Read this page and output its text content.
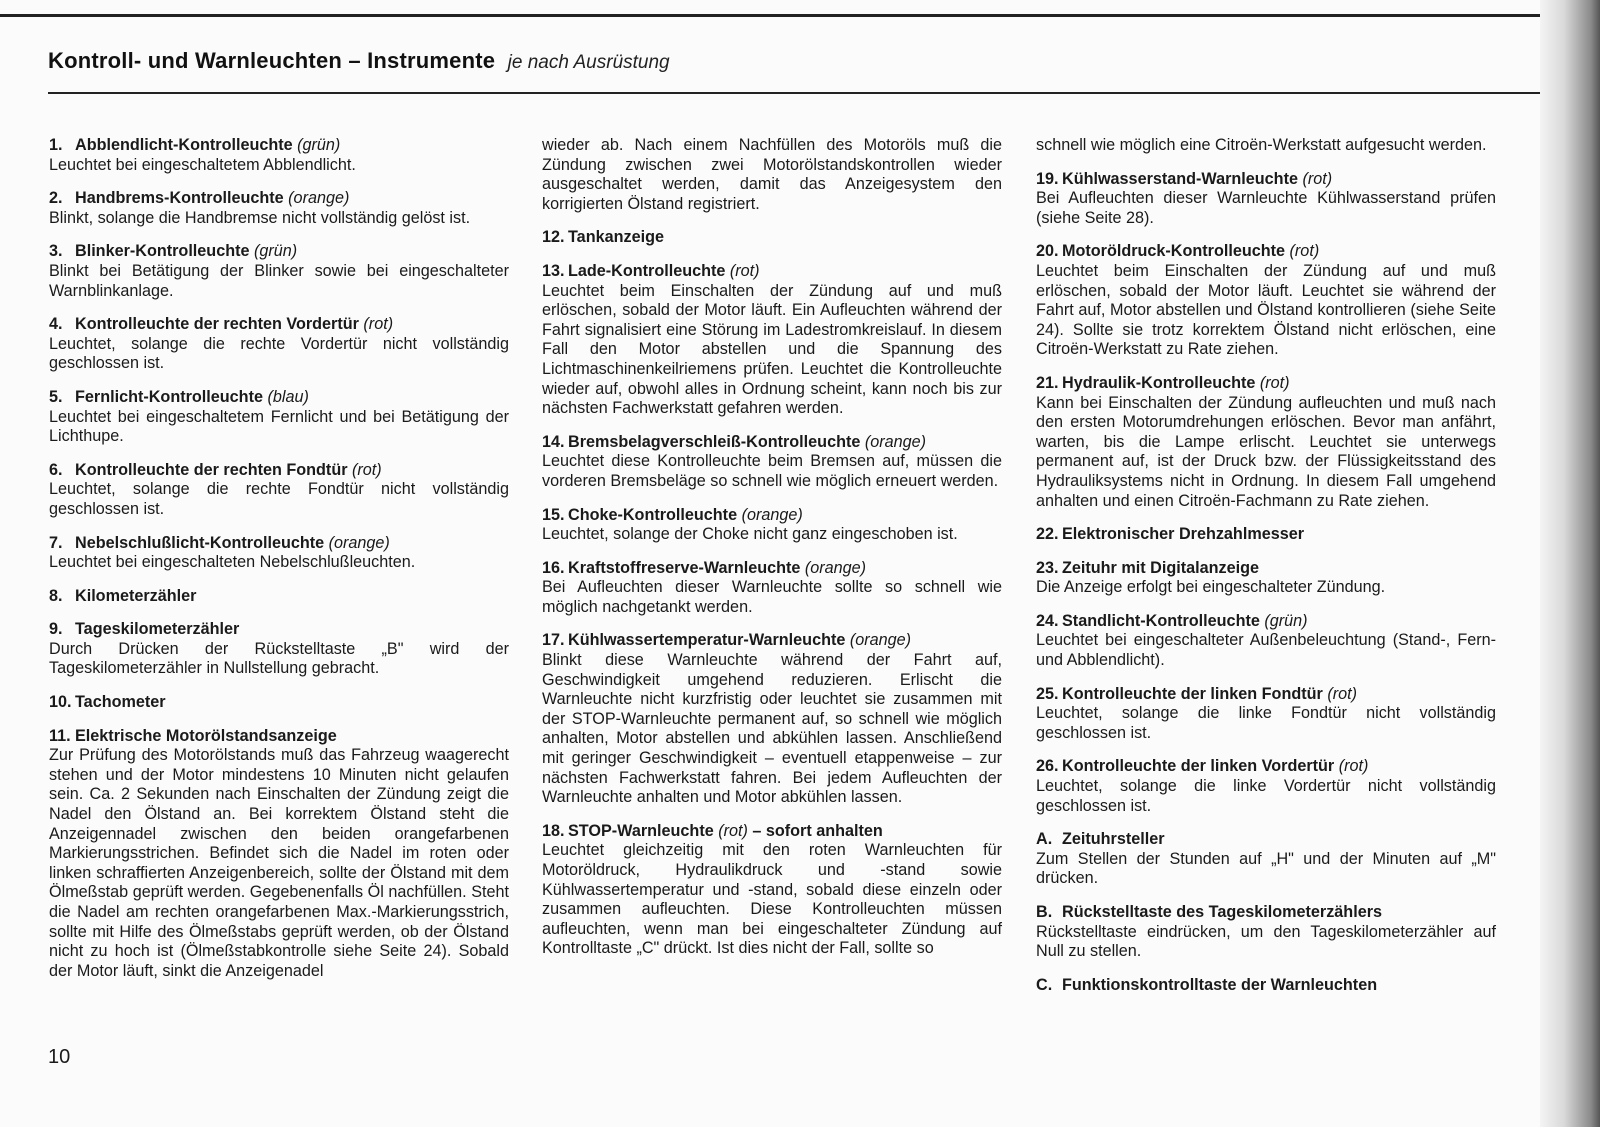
Kontroll- und Warnleuchten – Instrumente je nach Ausrüstung
1. Abblendlicht-Kontrolleuchte (grün)
Leuchtet bei eingeschaltetem Abblendlicht.
2. Handbrems-Kontrolleuchte (orange)
Blinkt, solange die Handbremse nicht vollständig gelöst ist.
3. Blinker-Kontrolleuchte (grün)
Blinkt bei Betätigung der Blinker sowie bei eingeschalteter Warnblinkanlage.
4. Kontrolleuchte der rechten Vordertür (rot)
Leuchtet, solange die rechte Vordertür nicht vollständig geschlossen ist.
5. Fernlicht-Kontrolleuchte (blau)
Leuchtet bei eingeschaltetem Fernlicht und bei Betätigung der Lichthupe.
6. Kontrolleuchte der rechten Fondtür (rot)
Leuchtet, solange die rechte Fondtür nicht vollständig geschlossen ist.
7. Nebelschlußlicht-Kontrolleuchte (orange)
Leuchtet bei eingeschalteten Nebelschlußleuchten.
8. Kilometerzähler
9. Tageskilometerzähler
Durch Drücken der Rückstelltaste „B" wird der Tageskilometerzähler in Nullstellung gebracht.
10. Tachometer
11. Elektrische Motorölstandsanzeige
Zur Prüfung des Motorölstands muß das Fahrzeug waagerecht stehen und der Motor mindestens 10 Minuten nicht gelaufen sein. Ca. 2 Sekunden nach Einschalten der Zündung zeigt die Nadel den Ölstand an. Bei korrektem Ölstand steht die Anzeigennadel zwischen den beiden orangefarbenen Markierungsstrichen. Befindet sich die Nadel im roten oder linken schraffierten Anzeigenbereich, sollte der Ölstand mit dem Ölmeßstab geprüft werden. Gegebenenfalls Öl nachfüllen. Steht die Nadel am rechten orangefarbenen Max.-Markierungsstrich, sollte mit Hilfe des Ölmeßstabs geprüft werden, ob der Ölstand nicht zu hoch ist (Ölmeßstabkontrolle siehe Seite 24). Sobald der Motor läuft, sinkt die Anzeigenadel

wieder ab. Nach einem Nachfüllen des Motoröls muß die Zündung zwischen zwei Motorölstandskontrollen wieder ausgeschaltet werden, damit das Anzeigesystem den korrigierten Ölstand registriert.

12. Tankanzeige
13. Lade-Kontrolleuchte (rot)
Leuchtet beim Einschalten der Zündung auf und muß erlöschen, sobald der Motor läuft. Ein Aufleuchten während der Fahrt signalisiert eine Störung im Ladestromkreislauf. In diesem Fall den Motor abstellen und die Spannung des Lichtmaschinenkeilriemens prüfen. Leuchtet die Kontrolleuchte wieder auf, obwohl alles in Ordnung scheint, kann noch bis zur nächsten Fachwerkstatt gefahren werden.
14. Bremsbelagverschleiß-Kontrolleuchte (orange)
Leuchtet diese Kontrolleuchte beim Bremsen auf, müssen die vorderen Bremsbeläge so schnell wie möglich erneuert werden.
15. Choke-Kontrolleuchte (orange)
Leuchtet, solange der Choke nicht ganz eingeschoben ist.
16. Kraftstoffreserve-Warnleuchte (orange)
Bei Aufleuchten dieser Warnleuchte sollte so schnell wie möglich nachgetankt werden.
17. Kühlwassertemperatur-Warnleuchte (orange)
Blinkt diese Warnleuchte während der Fahrt auf, Geschwindigkeit umgehend reduzieren. Erlischt die Warnleuchte nicht kurzfristig oder leuchtet sie zusammen mit der STOP-Warnleuchte permanent auf, so schnell wie möglich anhalten, Motor abstellen und abkühlen lassen. Anschließend mit geringer Geschwindigkeit – eventuell etappenweise – zur nächsten Fachwerkstatt fahren. Bei jedem Aufleuchten der Warnleuchte anhalten und Motor abkühlen lassen.
18. STOP-Warnleuchte (rot) – sofort anhalten
Leuchtet gleichzeitig mit den roten Warnleuchten für Motoröldruck, Hydraulikdruck und -stand sowie Kühlwassertemperatur und -stand, sobald diese einzeln oder zusammen aufleuchten. Diese Kontrolleuchten müssen aufleuchten, wenn man bei eingeschalteter Zündung auf Kontrolltaste „C" drückt. Ist dies nicht der Fall, sollte so

schnell wie möglich eine Citroën-Werkstatt aufgesucht werden.

19. Kühlwasserstand-Warnleuchte (rot)
Bei Aufleuchten dieser Warnleuchte Kühlwasserstand prüfen (siehe Seite 28).
20. Motoröldruck-Kontrolleuchte (rot)
Leuchtet beim Einschalten der Zündung auf und muß erlöschen, sobald der Motor läuft. Leuchtet sie während der Fahrt auf, Motor abstellen und Ölstand kontrollieren (siehe Seite 24). Sollte sie trotz korrektem Ölstand nicht erlöschen, eine Citroën-Werkstatt zu Rate ziehen.
21. Hydraulik-Kontrolleuchte (rot)
Kann bei Einschalten der Zündung aufleuchten und muß nach den ersten Motorumdrehungen erlöschen. Bevor man anfährt, warten, bis die Lampe erlischt. Leuchtet sie unterwegs permanent auf, ist der Druck bzw. der Flüssigkeitsstand des Hydrauliksystems nicht in Ordnung. In diesem Fall umgehend anhalten und einen Citroën-Fachmann zu Rate ziehen.
22. Elektronischer Drehzahlmesser
23. Zeituhr mit Digitalanzeige
Die Anzeige erfolgt bei eingeschalteter Zündung.
24. Standlicht-Kontrolleuchte (grün)
Leuchtet bei eingeschalteter Außenbeleuchtung (Stand-, Fern- und Abblendlicht).
25. Kontrolleuchte der linken Fondtür (rot)
Leuchtet, solange die linke Fondtür nicht vollständig geschlossen ist.
26. Kontrolleuchte der linken Vordertür (rot)
Leuchtet, solange die linke Vordertür nicht vollständig geschlossen ist.
A. Zeituhrsteller
Zum Stellen der Stunden auf „H" und der Minuten auf „M" drücken.
B. Rückstelltaste des Tageskilometerzählers
Rückstelltaste eindrücken, um den Tageskilometerzähler auf Null zu stellen.
C. Funktionskontrolltaste der Warnleuchten
10
